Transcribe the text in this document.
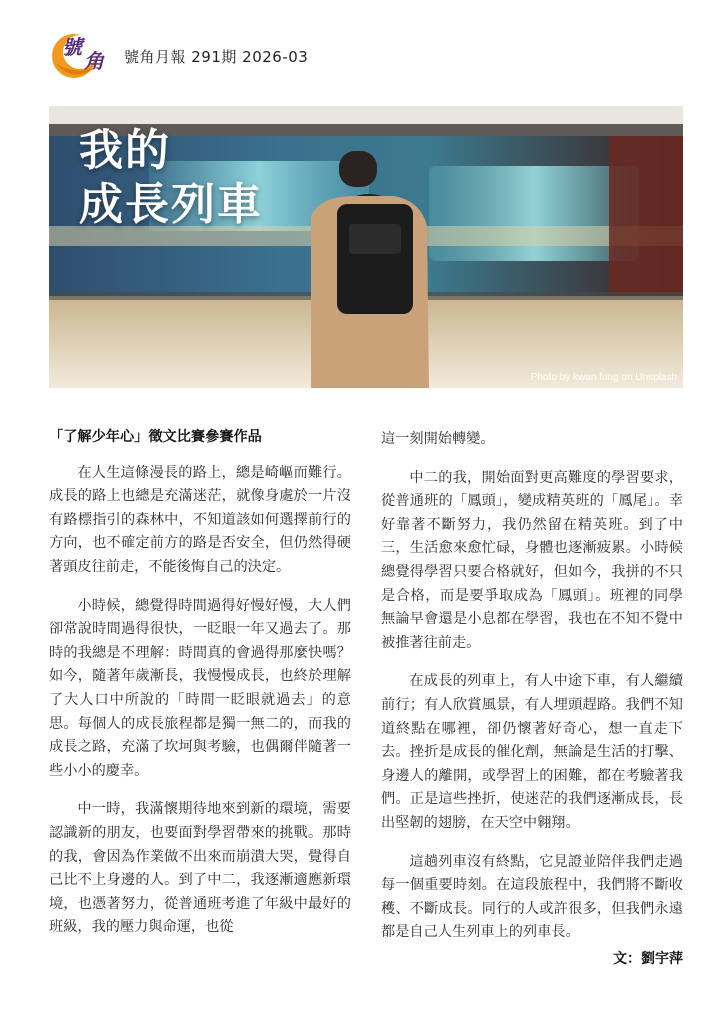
號
角 號角月報 291期 2026-03
我的
成長列車
Photo by kwan fung on Unsplash
「了解少年心」徵文比賽參賽作品

在人生這條漫長的路上，總是崎嶇而難行。成長的路上也總是充滿迷茫，就像身處於一片沒有路標指引的森林中，不知道該如何選擇前行的方向，也不確定前方的路是否安全，但仍然得硬著頭皮往前走，不能後悔自己的決定。

小時候，總覺得時間過得好慢好慢，大人們卻常說時間過得很快，一眨眼一年又過去了。那時的我總是不理解：時間真的會過得那麼快嗎？如今，隨著年歲漸長，我慢慢成長，也終於理解了大人口中所說的「時間一眨眼就過去」的意思。每個人的成長旅程都是獨一無二的，而我的成長之路，充滿了坎坷與考驗，也偶爾伴隨著一些小小的慶幸。

中一時，我滿懷期待地來到新的環境，需要認識新的朋友，也要面對學習帶來的挑戰。那時的我，會因為作業做不出來而崩潰大哭，覺得自己比不上身邊的人。到了中二，我逐漸適應新環境，也憑著努力，從普通班考進了年級中最好的班級，我的壓力與命運，也從

這一刻開始轉變。

中二的我，開始面對更高難度的學習要求，從普通班的「鳳頭」，變成精英班的「鳳尾」。幸好靠著不斷努力，我仍然留在精英班。到了中三，生活愈來愈忙碌，身體也逐漸疲累。小時候總覺得學習只要合格就好，但如今，我拼的不只是合格，而是要爭取成為「鳳頭」。班裡的同學無論早會還是小息都在學習，我也在不知不覺中被推著往前走。

在成長的列車上，有人中途下車，有人繼續前行；有人欣賞風景，有人埋頭趕路。我們不知道終點在哪裡，卻仍懷著好奇心，想一直走下去。挫折是成長的催化劑，無論是生活的打擊、身邊人的離開，或學習上的困難，都在考驗著我們。正是這些挫折，使迷茫的我們逐漸成長，長出堅韌的翅膀，在天空中翱翔。

這趟列車沒有終點，它見證並陪伴我們走過每一個重要時刻。在這段旅程中，我們將不斷收穫、不斷成長。同行的人或許很多，但我們永遠都是自己人生列車上的列車長。

文：劉宇萍
